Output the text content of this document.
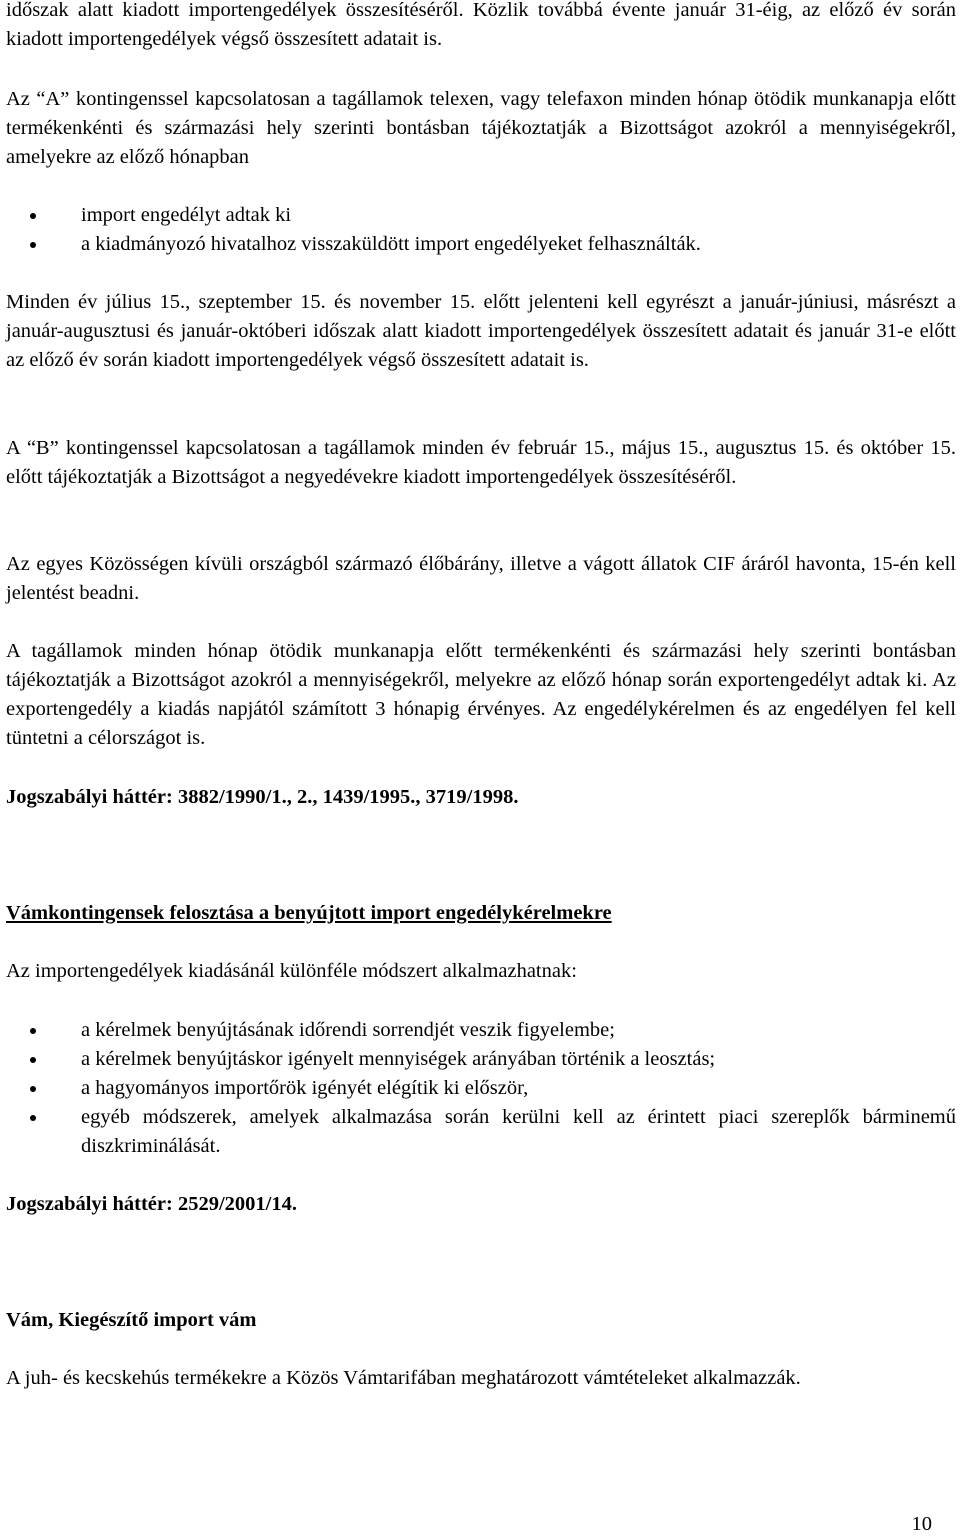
időszak alatt kiadott importengedélyek összesítéséről. Közlik továbbá évente január 31-éig, az előző év során kiadott importengedélyek végső összesített adatait is.

Az “A” kontingenssel kapcsolatosan a tagállamok telexen, vagy telefaxon minden hónap ötödik munkanapja előtt termékenkénti és származási hely szerinti bontásban tájékoztatják a Bizottságot azokról a mennyiségekről, amelyekre az előző hónapban

import engedélyt adtak ki
a kiadmányozó hivatalhoz visszaküldött import engedélyeket felhasználták.

Minden év július 15., szeptember 15. és november 15. előtt jelenteni kell egyrészt a január-júniusi, másrészt a január-augusztusi és január-októberi időszak alatt kiadott importengedélyek összesített adatait és január 31-e előtt az előző év során kiadott importengedélyek végső összesített adatait is.

A “B” kontingenssel kapcsolatosan a tagállamok minden év február 15., május 15., augusztus 15. és október 15. előtt tájékoztatják a Bizottságot a negyedévekre kiadott importengedélyek összesítéséről.

Az egyes Közösségen kívüli országból származó élőbárány, illetve a vágott állatok CIF áráról havonta, 15-én kell jelentést beadni.

A tagállamok minden hónap ötödik munkanapja előtt termékenkénti és származási hely szerinti bontásban tájékoztatják a Bizottságot azokról a mennyiségekről, melyekre az előző hónap során exportengedélyt adtak ki. Az exportengedély a kiadás napjától számított 3 hónapig érvényes. Az engedélykérelmen és az engedélyen fel kell tüntetni a célországot is.

Jogszabályi háttér: 3882/1990/1., 2., 1439/1995., 3719/1998.

Vámkontingensek felosztása a benyújtott import engedélykérelmekre

Az importengedélyek kiadásánál különféle módszert alkalmazhatnak:

a kérelmek benyújtásának időrendi sorrendjét veszik figyelembe;
a kérelmek benyújtáskor igényelt mennyiségek arányában történik a leosztás;
a hagyományos importőrök igényét elégítik ki először,
egyéb módszerek, amelyek alkalmazása során kerülni kell az érintett piaci szereplők bárminemű diszkriminálását.

Jogszabályi háttér: 2529/2001/14.

Vám, Kiegészítő import vám

A juh- és kecskehús termékekre a Közös Vámtarifában meghatározott vámtételeket alkalmazzák.

10
